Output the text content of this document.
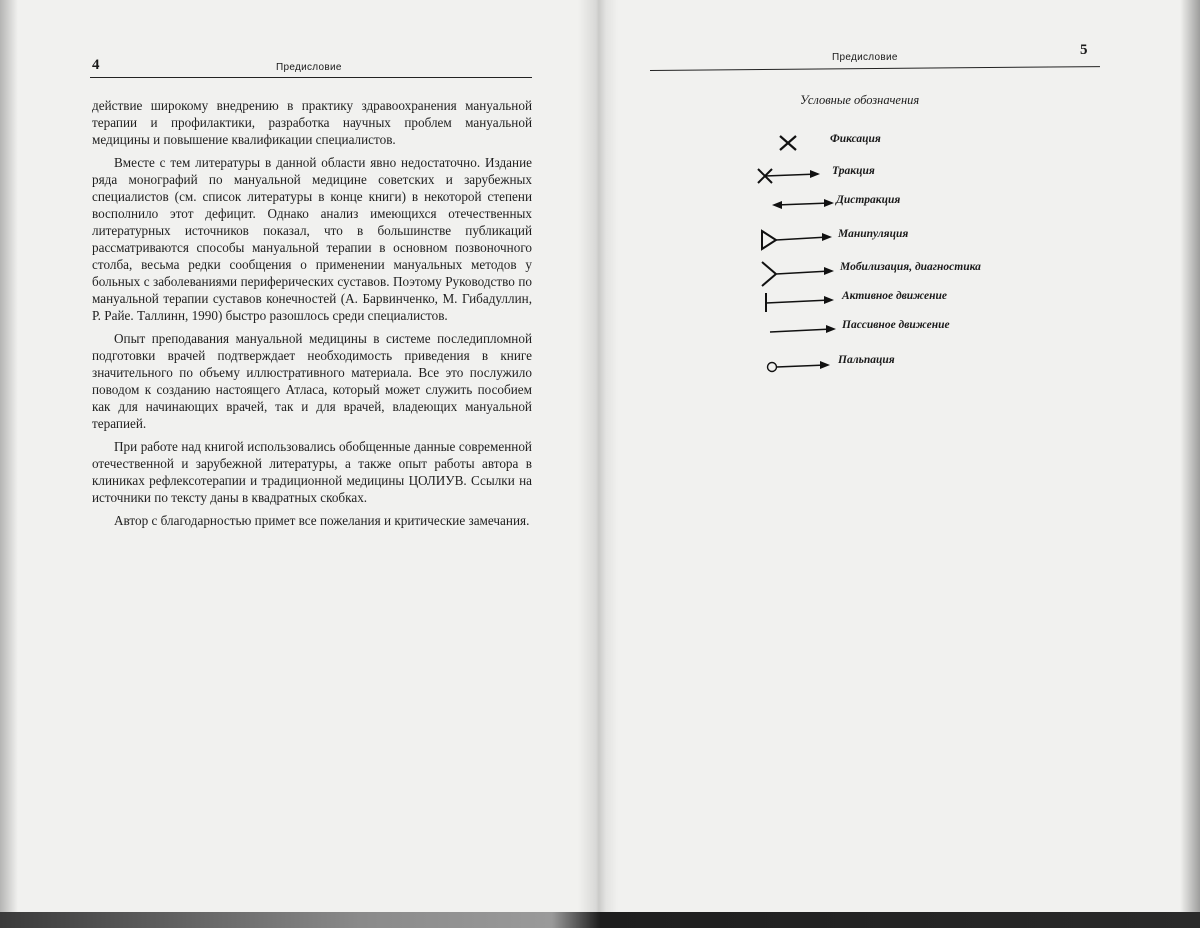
4	Предисловие

действие широкому внедрению в практику здравоохранения мануальной терапии и профилактики, разработка научных проблем мануальной медицины и повышение квалификации специалистов.

Вместе с тем литературы в данной области явно недостаточно. Издание ряда монографий по мануальной медицине советских и зарубежных специалистов (см. список литературы в конце книги) в некоторой степени восполнило этот дефицит. Однако анализ имеющихся отечественных литературных источников показал, что в большинстве публикаций рассматриваются способы мануальной терапии в основном позвоночного столба, весьма редки сообщения о применении мануальных методов у больных с заболеваниями периферических суставов. Поэтому Руководство по мануальной терапии суставов конечностей (А. Барвинченко, М. Гибадуллин, Р. Райе. Таллинн, 1990) быстро разошлось среди специалистов.

Опыт преподавания мануальной медицины в системе последипломной подготовки врачей подтверждает необходимость приведения в книге значительного по объему иллюстративного материала. Все это послужило поводом к созданию настоящего Атласа, который может служить пособием как для начинающих врачей, так и для врачей, владеющих мануальной терапией.

При работе над книгой использовались обобщенные данные современной отечественной и зарубежной литературы, а также опыт работы автора в клиниках рефлексотерапии и традиционной медицины ЦОЛИУВ. Ссылки на источники по тексту даны в квадратных скобках.

Автор с благодарностью примет все пожелания и критические замечания.

Предисловие	5
Условные обозначения
Фиксация
Тракция
Дистракция
Манипуляция
Мобилизация, диагностика
Активное движение
Пассивное движение
Пальпация
